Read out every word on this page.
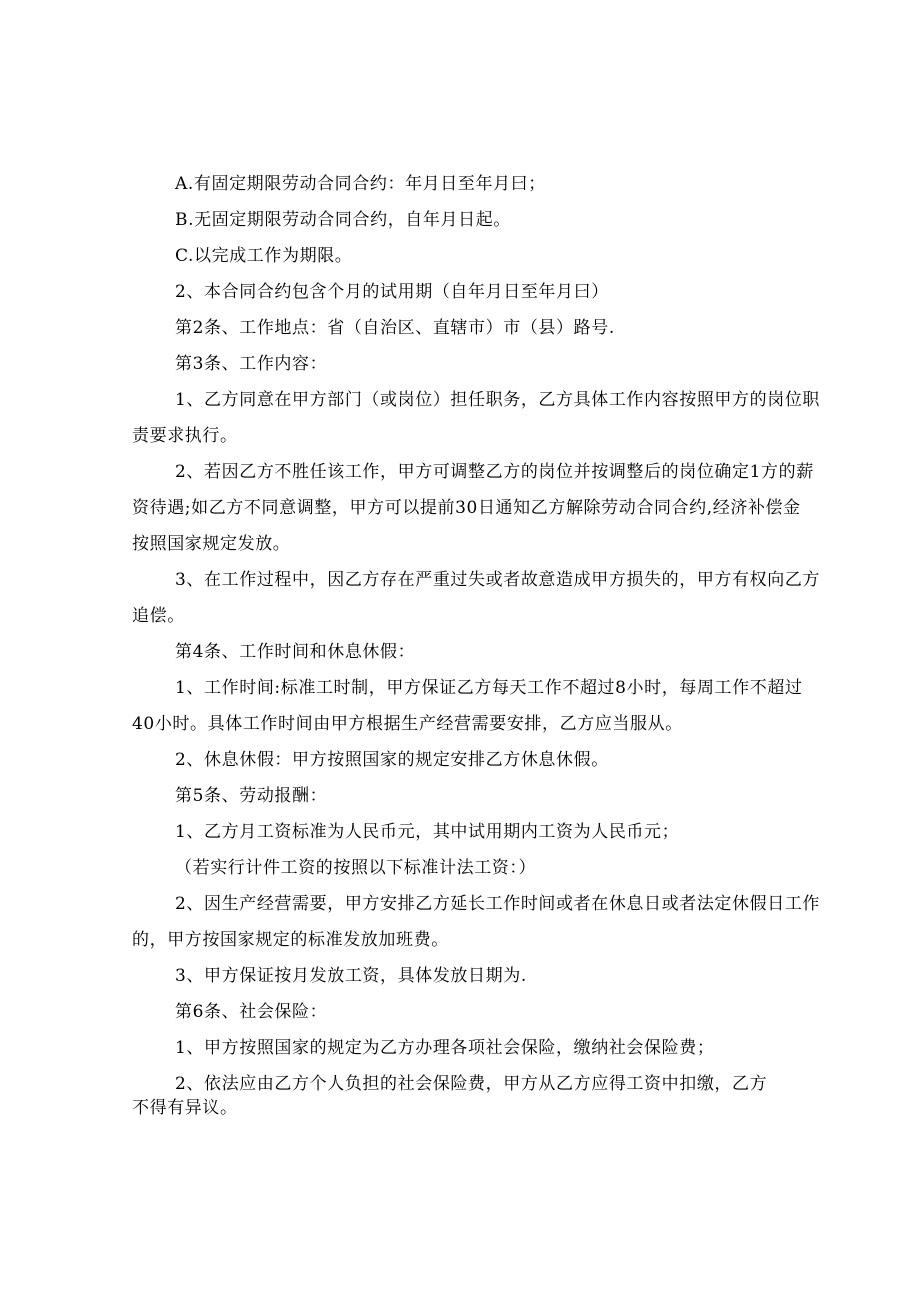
A.有固定期限劳动合同合约：年月日至年月曰；
B.无固定期限劳动合同合约，自年月日起。
C.以完成工作为期限。
2、本合同合约包含个月的试用期（自年月日至年月曰）
第2条、工作地点：省（自治区、直辖市）市（县）路号.
第3条、工作内容：
1、乙方同意在甲方部门（或岗位）担任职务，乙方具体工作内容按照甲方的岗位职
责要求执行。
2、若因乙方不胜任该工作，甲方可调整乙方的岗位并按调整后的岗位确定1方的薪
资待遇;如乙方不同意调整，甲方可以提前30日通知乙方解除劳动合同合约,经济补偿金
按照国家规定发放。
3、在工作过程中，因乙方存在严重过失或者故意造成甲方损失的，甲方有权向乙方
追偿。
第4条、工作时间和休息休假：
1、工作时间:标准工时制，甲方保证乙方每天工作不超过8小时，每周工作不超过
40小时。具体工作时间由甲方根据生产经营需要安排，乙方应当服从。
2、休息休假：甲方按照国家的规定安排乙方休息休假。
第5条、劳动报酬：
1、乙方月工资标准为人民币元，其中试用期内工资为人民币元；
（若实行计件工资的按照以下标准计法工资：）
2、因生产经营需要，甲方安排乙方延长工作时间或者在休息日或者法定休假日工作
的，甲方按国家规定的标准发放加班费。
3、甲方保证按月发放工资，具体发放日期为.
第6条、社会保险：
1、甲方按照国家的规定为乙方办理各项社会保险，缴纳社会保险费；
2、依法应由乙方个人负担的社会保险费，甲方从乙方应得工资中扣缴，乙方
不得有异议。
